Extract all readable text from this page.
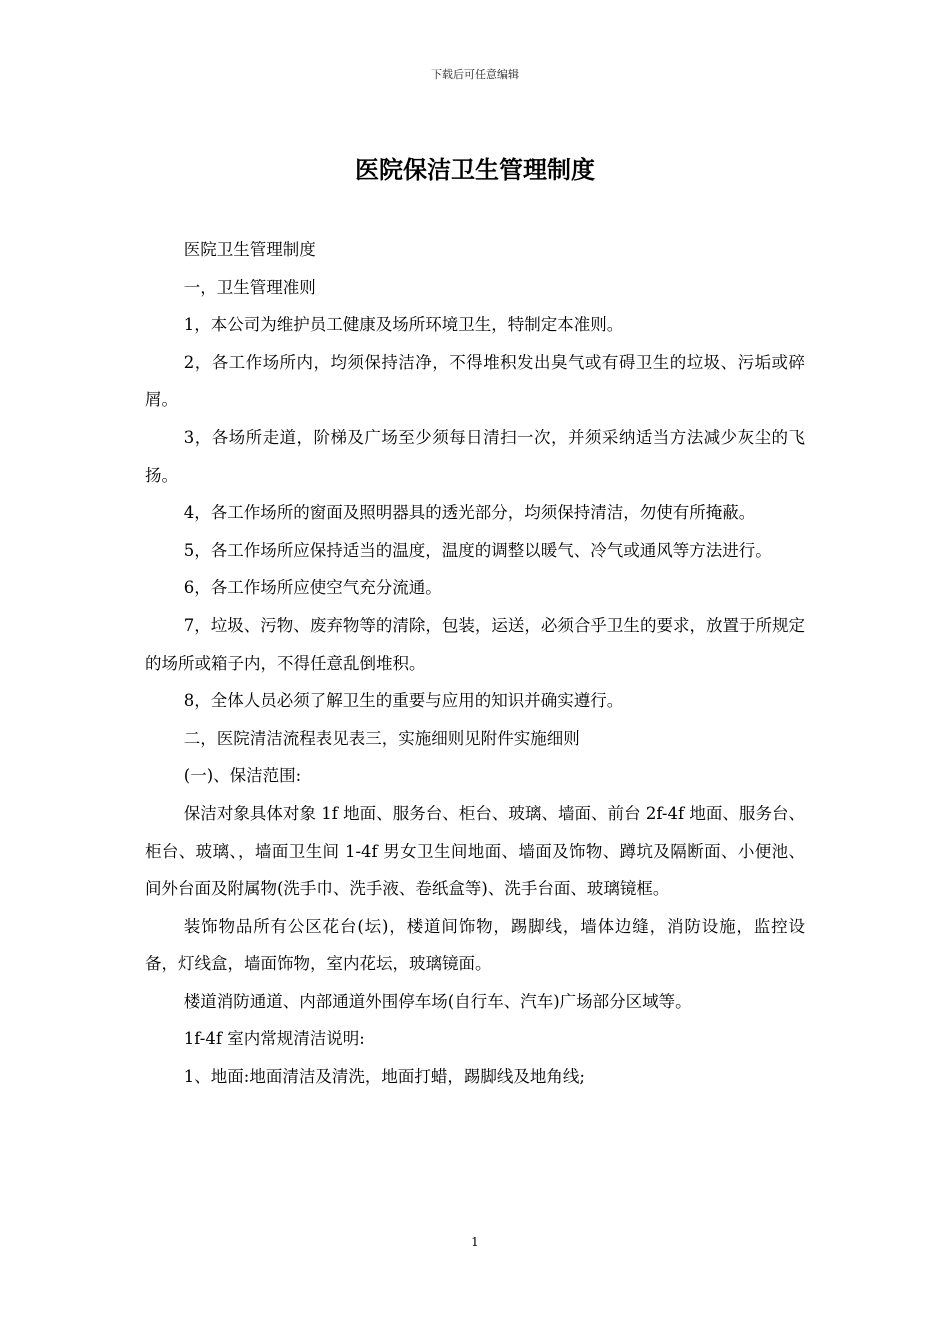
下载后可任意编辑
医院保洁卫生管理制度

医院卫生管理制度

一，卫生管理准则

1，本公司为维护员工健康及场所环境卫生，特制定本准则。

2，各工作场所内，均须保持洁净，不得堆积发出臭气或有碍卫生的垃圾、污垢或碎屑。

3，各场所走道，阶梯及广场至少须每日清扫一次，并须采纳适当方法减少灰尘的飞扬。

4，各工作场所的窗面及照明器具的透光部分，均须保持清洁，勿使有所掩蔽。

5，各工作场所应保持适当的温度，温度的调整以暖气、冷气或通风等方法进行。

6，各工作场所应使空气充分流通。

7，垃圾、污物、废弃物等的清除，包装，运送，必须合乎卫生的要求，放置于所规定的场所或箱子内，不得任意乱倒堆积。

8，全体人员必须了解卫生的重要与应用的知识并确实遵行。

二，医院清洁流程表见表三，实施细则见附件实施细则

(一)、保洁范围:

保洁对象具体对象 1f 地面、服务台、柜台、玻璃、墙面、前台 2f-4f 地面、服务台、柜台、玻璃、，墙面卫生间 1-4f 男女卫生间地面、墙面及饰物、蹲坑及隔断面、小便池、间外台面及附属物(洗手巾、洗手液、卷纸盒等)、洗手台面、玻璃镜框。

装饰物品所有公区花台(坛)，楼道间饰物，踢脚线，墙体边缝，消防设施，监控设备，灯线盒，墙面饰物，室内花坛，玻璃镜面。

楼道消防通道、内部通道外围停车场(自行车、汽车)广场部分区域等。

1f-4f 室内常规清洁说明:

1、地面:地面清洁及清洗，地面打蜡，踢脚线及地角线;

1
